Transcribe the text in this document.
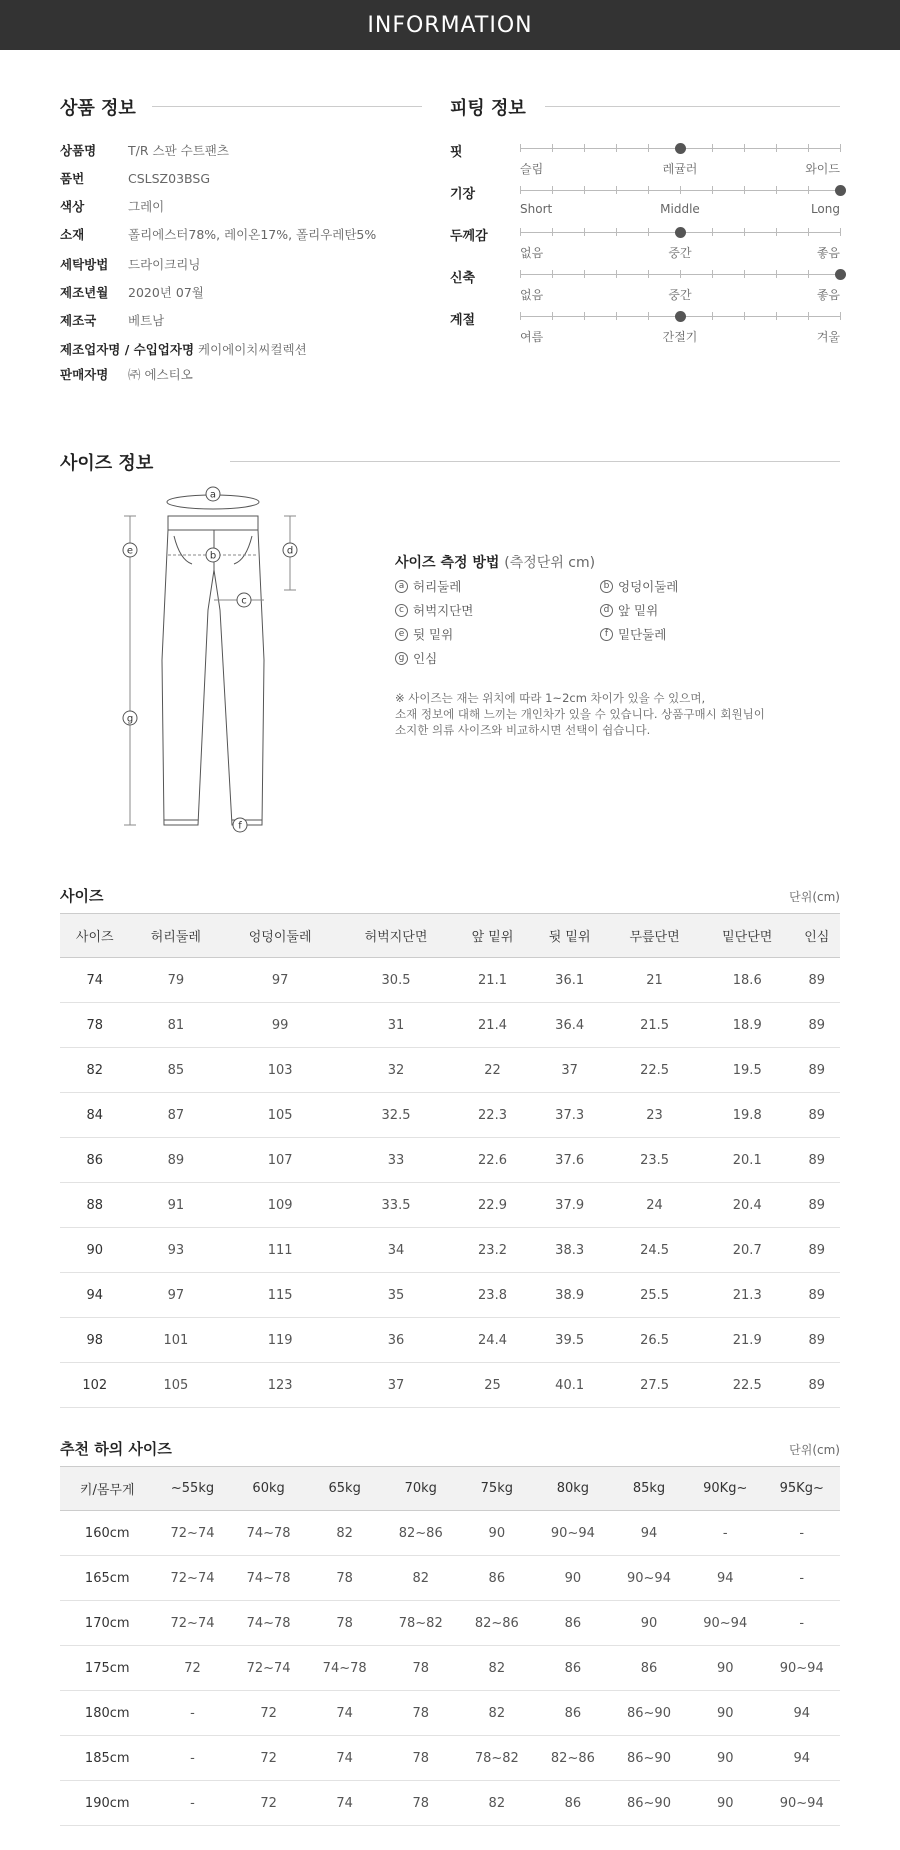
INFORMATION
상품 정보
상품명	T/R 스판 수트팬츠
품번	CSLSZ03BSG
색상	그레이
소재	폴리에스터78%, 레이온17%, 폴리우레탄5%
세탁방법	드라이크리닝
제조년월	2020년 07월
제조국	베트남
제조업자명 / 수입업자명 케이에이치씨컬렉션
판매자명	㈜ 에스티오
피팅 정보
핏
슬림	레귤러	와이드
기장
Short	Middle	Long
두께감
없음	중간	좋음
신축
없음	중간	좋음
계절
여름	간절기	겨울
사이즈 정보
a
b
c
d
e
f
g
사이즈 측정 방법 (측정단위 cm)
a 허리둘레	b 엉덩이둘레
c 허벅지단면	d 앞 밑위
e 뒷 밑위	f 밑단둘레
g 인심
※ 사이즈는 재는 위치에 따라 1~2cm 차이가 있을 수 있으며,
소재 정보에 대해 느끼는 개인차가 있을 수 있습니다. 상품구매시 회원님이
소지한 의류 사이즈와 비교하시면 선택이 쉽습니다.
사이즈	단위(cm)
사이즈	허리둘레	엉덩이둘레	허벅지단면	앞 밑위	뒷 밑위	무릎단면	밑단단면	인심
74	79	97	30.5	21.1	36.1	21	18.6	89
78	81	99	31	21.4	36.4	21.5	18.9	89
82	85	103	32	22	37	22.5	19.5	89
84	87	105	32.5	22.3	37.3	23	19.8	89
86	89	107	33	22.6	37.6	23.5	20.1	89
88	91	109	33.5	22.9	37.9	24	20.4	89
90	93	111	34	23.2	38.3	24.5	20.7	89
94	97	115	35	23.8	38.9	25.5	21.3	89
98	101	119	36	24.4	39.5	26.5	21.9	89
102	105	123	37	25	40.1	27.5	22.5	89
추천 하의 사이즈	단위(cm)
키/몸무게	~55kg	60kg	65kg	70kg	75kg	80kg	85kg	90Kg~	95Kg~
160cm	72~74	74~78	82	82~86	90	90~94	94	-	-
165cm	72~74	74~78	78	82	86	90	90~94	94	-
170cm	72~74	74~78	78	78~82	82~86	86	90	90~94	-
175cm	72	72~74	74~78	78	82	86	86	90	90~94
180cm	-	72	74	78	82	86	86~90	90	94
185cm	-	72	74	78	78~82	82~86	86~90	90	94
190cm	-	72	74	78	82	86	86~90	90	90~94
